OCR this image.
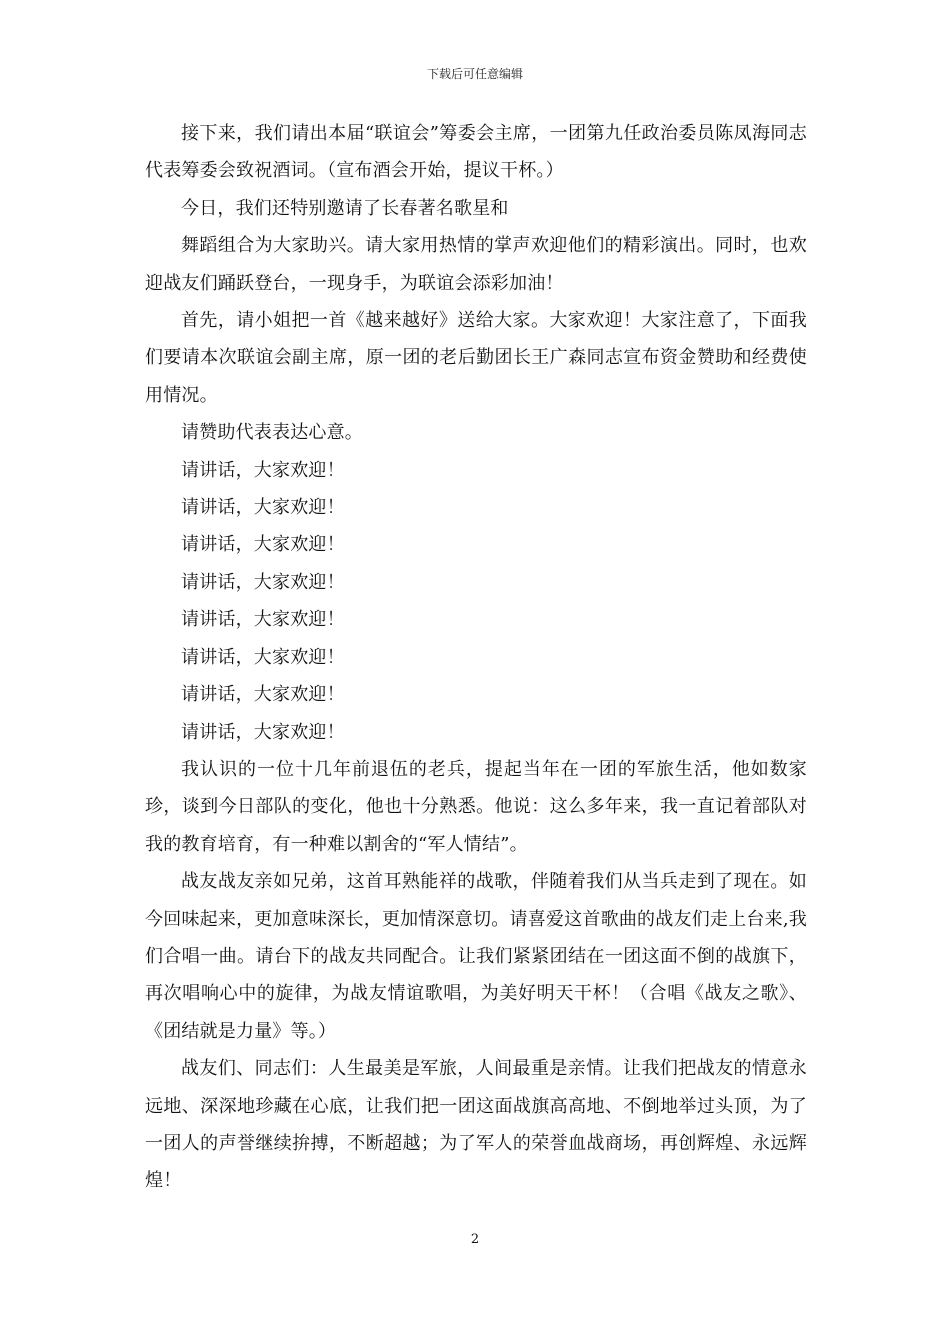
下载后可任意编辑

接下来，我们请出本届“联谊会”筹委会主席，一团第九任政治委员陈凤海同志代表筹委会致祝酒词。（宣布酒会开始，提议干杯。）

今日，我们还特别邀请了长春著名歌星和

舞蹈组合为大家助兴。请大家用热情的掌声欢迎他们的精彩演出。同时，也欢迎战友们踊跃登台，一现身手，为联谊会添彩加油！

首先，请小姐把一首《越来越好》送给大家。大家欢迎！大家注意了，下面我们要请本次联谊会副主席，原一团的老后勤团长王广森同志宣布资金赞助和经费使用情况。

请赞助代表表达心意。

请讲话，大家欢迎！

请讲话，大家欢迎！

请讲话，大家欢迎！

请讲话，大家欢迎！

请讲话，大家欢迎！

请讲话，大家欢迎！

请讲话，大家欢迎！

请讲话，大家欢迎！

我认识的一位十几年前退伍的老兵，提起当年在一团的军旅生活，他如数家珍，谈到今日部队的变化，他也十分熟悉。他说：这么多年来，我一直记着部队对我的教育培育，有一种难以割舍的“军人情结”。

战友战友亲如兄弟，这首耳熟能祥的战歌，伴随着我们从当兵走到了现在。如今回味起来，更加意味深长，更加情深意切。请喜爱这首歌曲的战友们走上台来,我们合唱一曲。请台下的战友共同配合。让我们紧紧团结在一团这面不倒的战旗下，再次唱响心中的旋律，为战友情谊歌唱，为美好明天干杯！（合唱《战友之歌》、《团结就是力量》等。）

战友们、同志们：人生最美是军旅，人间最重是亲情。让我们把战友的情意永远地、深深地珍藏在心底，让我们把一团这面战旗高高地、不倒地举过头顶，为了一团人的声誉继续拚搏，不断超越；为了军人的荣誉血战商场，再创辉煌、永远辉煌！

2
